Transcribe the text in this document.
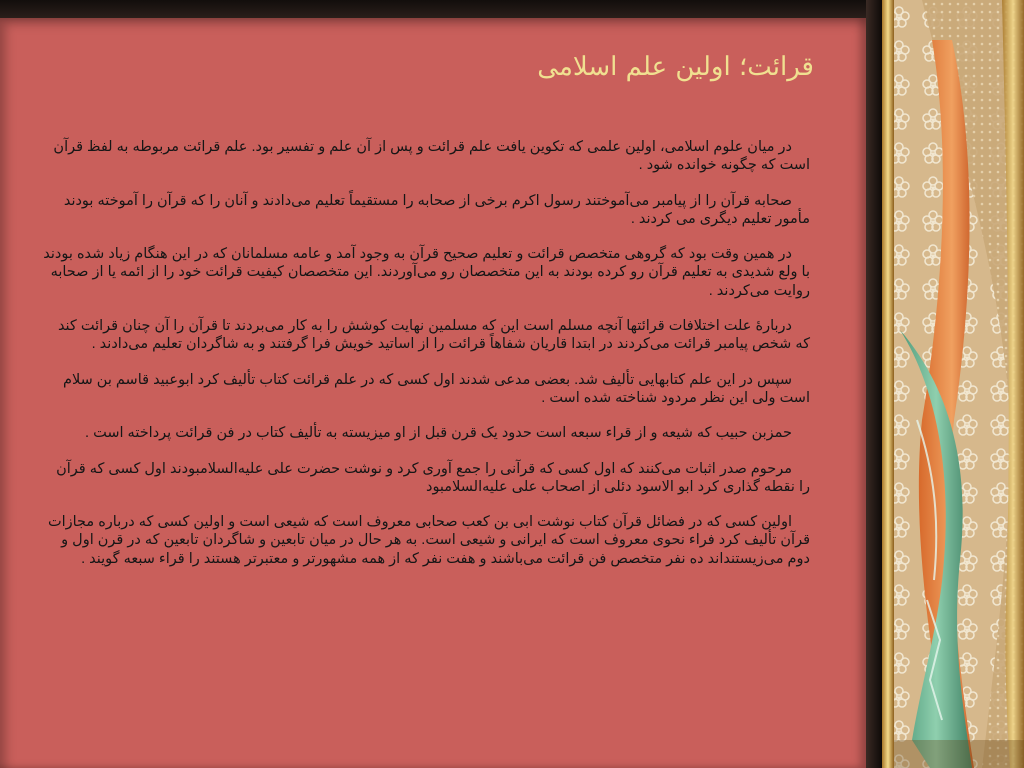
قرائت؛ اولین علم اسلامی

در میان علوم اسلامی، اولین علمی که تکوین یافت علم قرائت و پس از آن علم و تفسیر بود. علم قرائت مربوطه به لفظ قرآن است که چگونه خوانده شود .

صحابه قرآن را از پیامبر می‌آموختند رسول اکرم برخی از صحابه را مستقیماً تعلیم می‌دادند و آنان را که قرآن را آموخته بودند مأمور تعلیم دیگری می کردند .

در همین وقت بود که گروهی متخصص قرائت و تعلیم صحیح قرآن به وجود آمد و عامه مسلمانان که در این هنگام زیاد شده بودند با ولع شدیدی به تعلیم قرآن رو کرده بودند به این متخصصان رو می‌آوردند. این متخصصان کیفیت قرائت خود را از ائمه یا از صحابه روایت می‌کردند .

دربارهٔ علت اختلافات قرائتها آنچه مسلم است این که مسلمین نهایت کوشش را به کار می‌بردند تا قرآن را آن چنان قرائت کند که شخص پیامبر قرائت می‌کردند در ابتدا قاریان شفاهاً قرائت را از اساتید خویش فرا گرفتند و به شاگردان تعلیم می‌دادند .

سپس در این علم کتابهایی تألیف شد. بعضی مدعی شدند اول کسی که در علم قرائت کتاب تألیف کرد ابوعبید قاسم بن سلام است ولی این نظر مردود شناخته شده است .

حمزبن حبیب که شیعه و از قراء سبعه است حدود یک قرن قبل از او میزیسته به تألیف کتاب در فن قرائت پرداخته است .

مرحوم صدر اثبات می‌کنند که اول کسی که قرآنی را جمع آوری کرد و نوشت حضرت علی علیه‌السلامبودند اول کسی که قرآن را نقطه گذاری کرد ابو الاسود دئلی از اصحاب علی علیه‌السلامبود

اولین کسی که در فضائل قرآن کتاب نوشت ابی بن کعب صحابی معروف است که شیعی است و اولین کسی که درباره مجازات قرآن تألیف کرد فراء نحوی معروف است که ایرانی و شیعی است. به هر حال در میان تابعین و شاگردان تابعین که در قرن اول و دوم می‌زیستنداند ده نفر متخصص فن قرائت می‌باشند و هفت نفر که از همه مشهورتر و معتبرتر هستند را قراء سبعه گویند .
